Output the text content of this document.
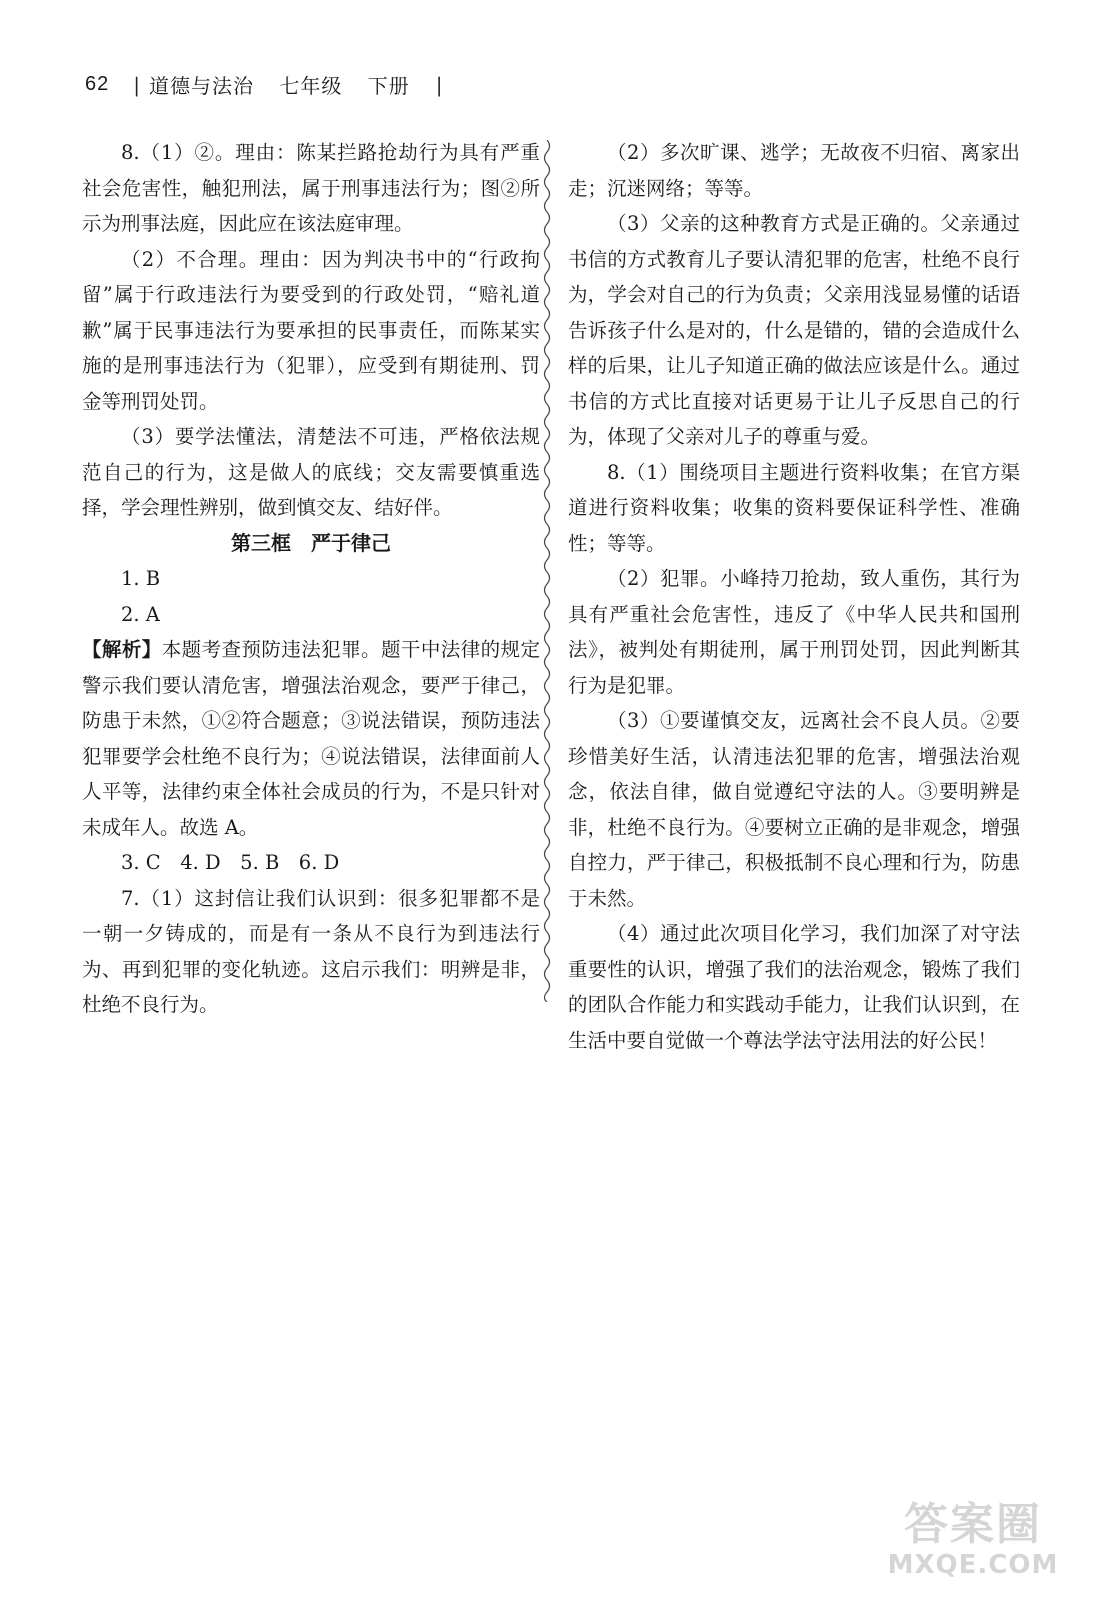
62 | 道德与法治 七年级 下册	|

8.（1）②。理由：陈某拦路抢劫行为具有严重社会危害性，触犯刑法，属于刑事违法行为；图②所示为刑事法庭，因此应在该法庭审理。

（2）不合理。理由：因为判决书中的“行政拘留”属于行政违法行为要受到的行政处罚，“赔礼道歉”属于民事违法行为要承担的民事责任，而陈某实施的是刑事违法行为（犯罪），应受到有期徒刑、罚金等刑罚处罚。

（3）要学法懂法，清楚法不可违，严格依法规范自己的行为，这是做人的底线；交友需要慎重选择，学会理性辨别，做到慎交友、结好伴。

第三框　严于律己

1. B

2. A

【解析】本题考查预防违法犯罪。题干中法律的规定警示我们要认清危害，增强法治观念，要严于律己，防患于未然，①②符合题意；③说法错误，预防违法犯罪要学会杜绝不良行为；④说法错误，法律面前人人平等，法律约束全体社会成员的行为，不是只针对未成年人。故选 A。

3. C　4. D　5. B　6. D

7.（1）这封信让我们认识到：很多犯罪都不是一朝一夕铸成的，而是有一条从不良行为到违法行为、再到犯罪的变化轨迹。这启示我们：明辨是非，杜绝不良行为。

（2）多次旷课、逃学；无故夜不归宿、离家出走；沉迷网络；等等。

（3）父亲的这种教育方式是正确的。父亲通过书信的方式教育儿子要认清犯罪的危害，杜绝不良行为，学会对自己的行为负责；父亲用浅显易懂的话语告诉孩子什么是对的，什么是错的，错的会造成什么样的后果，让儿子知道正确的做法应该是什么。通过书信的方式比直接对话更易于让儿子反思自己的行为，体现了父亲对儿子的尊重与爱。

8.（1）围绕项目主题进行资料收集；在官方渠道进行资料收集；收集的资料要保证科学性、准确性；等等。

（2）犯罪。小峰持刀抢劫，致人重伤，其行为具有严重社会危害性，违反了《中华人民共和国刑法》，被判处有期徒刑，属于刑罚处罚，因此判断其行为是犯罪。

（3）①要谨慎交友，远离社会不良人员。②要珍惜美好生活，认清违法犯罪的危害，增强法治观念，依法自律，做自觉遵纪守法的人。③要明辨是非，杜绝不良行为。④要树立正确的是非观念，增强自控力，严于律己，积极抵制不良心理和行为，防患于未然。

（4）通过此次项目化学习，我们加深了对守法重要性的认识，增强了我们的法治观念，锻炼了我们的团队合作能力和实践动手能力，让我们认识到，在生活中要自觉做一个尊法学法守法用法的好公民！

答案圈
MXQE.COM
